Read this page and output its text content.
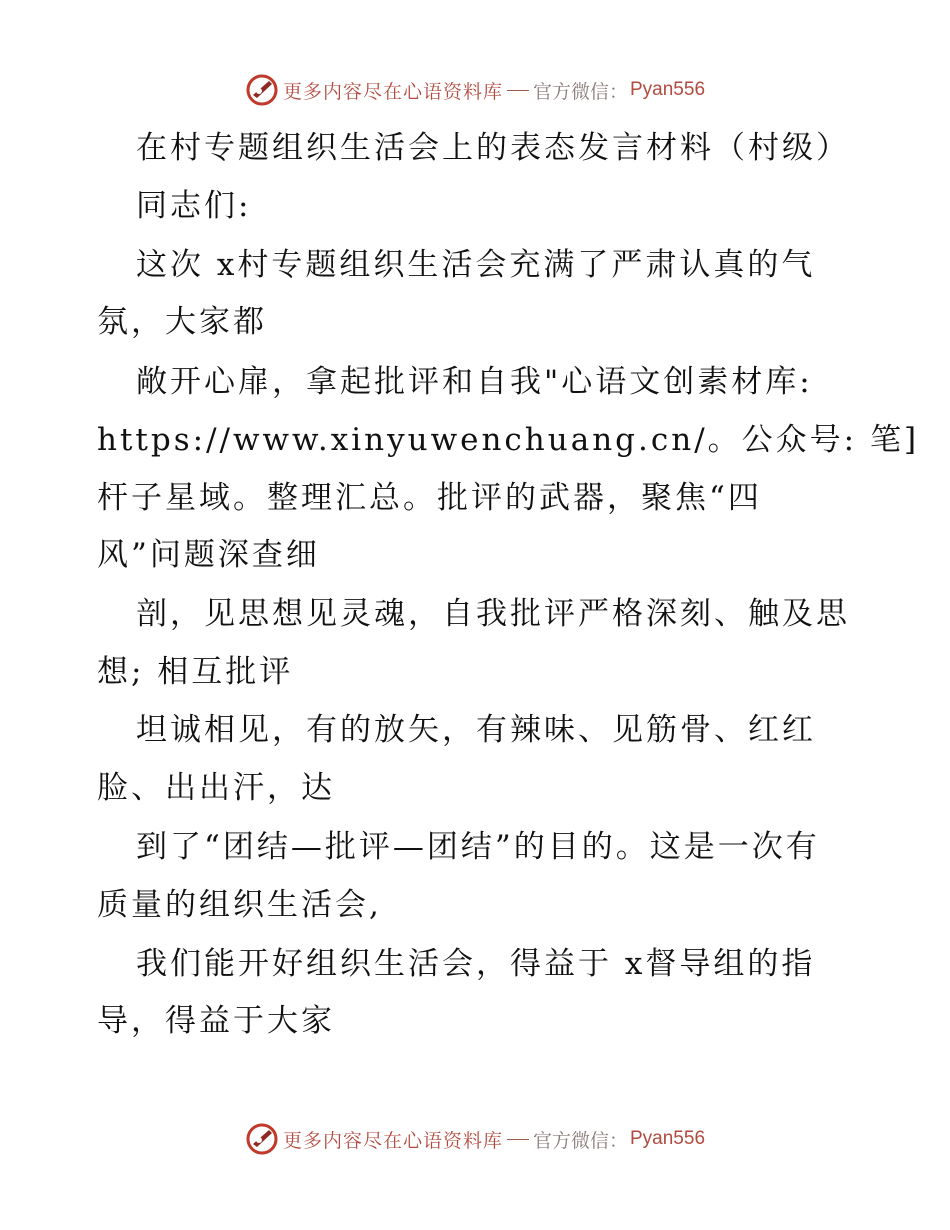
更多内容尽在心语资料库 官方微信： Pyan556
在村专题组织生活会上的表态发言材料（村级）
同志们:
这次 x村专题组织生活会充满了严肃认真的气
氛，大家都
敞开心扉，拿起批评和自我"心语文创素材库:
https://www.xinyuwenchuang.cn/。公众号: 笔]
杆子星域。整理汇总。批评的武器，聚焦“四
风”问题深查细
剖，见思想见灵魂，自我批评严格深刻、触及思
想; 相互批评
坦诚相见，有的放矢，有辣味、见筋骨、红红
脸、出出汗，达
到了“团结—批评—团结”的目的。这是一次有
质量的组织生活会,
我们能开好组织生活会，得益于 x督导组的指
导，得益于大家
更多内容尽在心语资料库 官方微信： Pyan556
